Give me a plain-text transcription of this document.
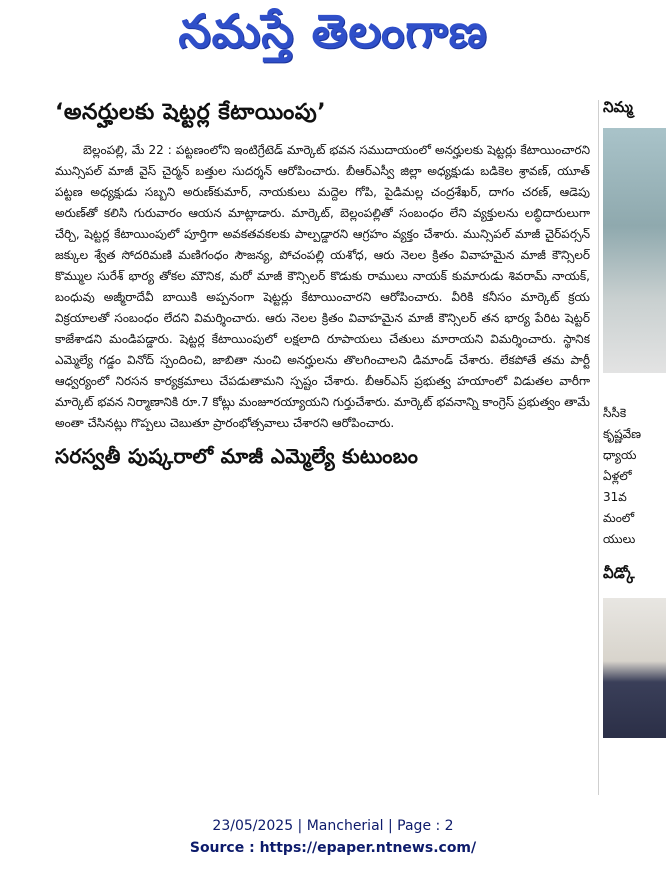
నమస్తే తెలంగాణ
‘అనర్హులకు షెట్టర్ల కేటాయింపు’

బెల్లంపల్లి, మే 22 : పట్టణంలోని ఇంటిగ్రేటెడ్ మార్కెట్ భవన సముదాయంలో అనర్హులకు షెట్టర్లు కేటాయించారని మున్సిపల్ మాజీ వైస్ చైర్మన్ బత్తుల సుదర్శన్ ఆరోపించారు. బీఆర్‌ఎస్వీ జిల్లా అధ్యక్షుడు బడికెల శ్రావణ్, యూత్ పట్టణ అధ్యక్షుడు సబ్బని అరుణ్‌కుమార్, నాయకులు మద్దెల గోపి, పైడిమల్ల చంద్రశేఖర్, దాగం చరణ్, ఆడెపు అరుణ్‌తో కలిసి గురువారం ఆయన మాట్లాడారు. మార్కెట్, బెల్లంపల్లితో సంబంధం లేని వ్యక్తులను లబ్ధిదారులుగా చేర్చి, షెట్టర్ల కేటాయింపులో పూర్తిగా అవకతవకలకు పాల్పడ్డారని ఆగ్రహం వ్యక్తం చేశారు. మున్సిపల్ మాజీ చైర్‌పర్సన్ జక్కుల శ్వేత సోదరిమణి మణిగంధం సౌజన్య, పోచంపల్లి యశోధ, ఆరు నెలల క్రితం వివాహమైన మాజీ కౌన్సిలర్ కొమ్ముల సురేశ్ భార్య తోకల మౌనిక, మరో మాజీ కౌన్సిలర్ కొడుకు రాములు నాయక్ కుమారుడు శివరామ్ నాయక్, బంధువు అజ్మీరాదేవీ బాయికి అప్పనంగా షెట్టర్లు కేటాయించారని ఆరోపించారు. వీరికి కనీసం మార్కెట్ క్రయ విక్రయాలతో సంబంధం లేదని విమర్శించారు. ఆరు నెలల క్రితం వివాహమైన మాజీ కౌన్సిలర్ తన భార్య పేరిట షెట్టర్ కాజేశాడని మండిపడ్డారు. షెట్టర్ల కేటాయింపులో లక్షలాది రూపాయలు చేతులు మారాయని విమర్శించారు. స్థానిక ఎమ్మెల్యే గడ్డం వినోద్ స్పందించి, జాబితా నుంచి అనర్హులను తొలగించాలని డిమాండ్ చేశారు. లేకపోతే తమ పార్టీ ఆధ్వర్యంలో నిరసన కార్యక్రమాలు చేపడుతామని స్పష్టం చేశారు. బీఆర్‌ఎస్ ప్రభుత్వ హయాంలో విడుతల వారీగా మార్కెట్ భవన నిర్మాణానికి రూ.7 కోట్లు మంజూరయ్యాయని గుర్తుచేశారు. మార్కెట్ భవనాన్ని కాంగ్రెస్ ప్రభుత్వం తామే అంతా చేసినట్లు గొప్పలు చెబుతూ ప్రారంభోత్సవాలు చేశారని ఆరోపించారు.

సరస్వతీ పుష్కరాలో మాజీ ఎమ్మెల్యే కుటుంబం
నిమ్మ
సీసీకె
కృష్ణవేణ
ధ్యాయ
ఏళ్లలో
31వ
మంలో
యులు
వీడ్కో
23/05/2025 | Mancherial | Page : 2
Source : https://epaper.ntnews.com/
